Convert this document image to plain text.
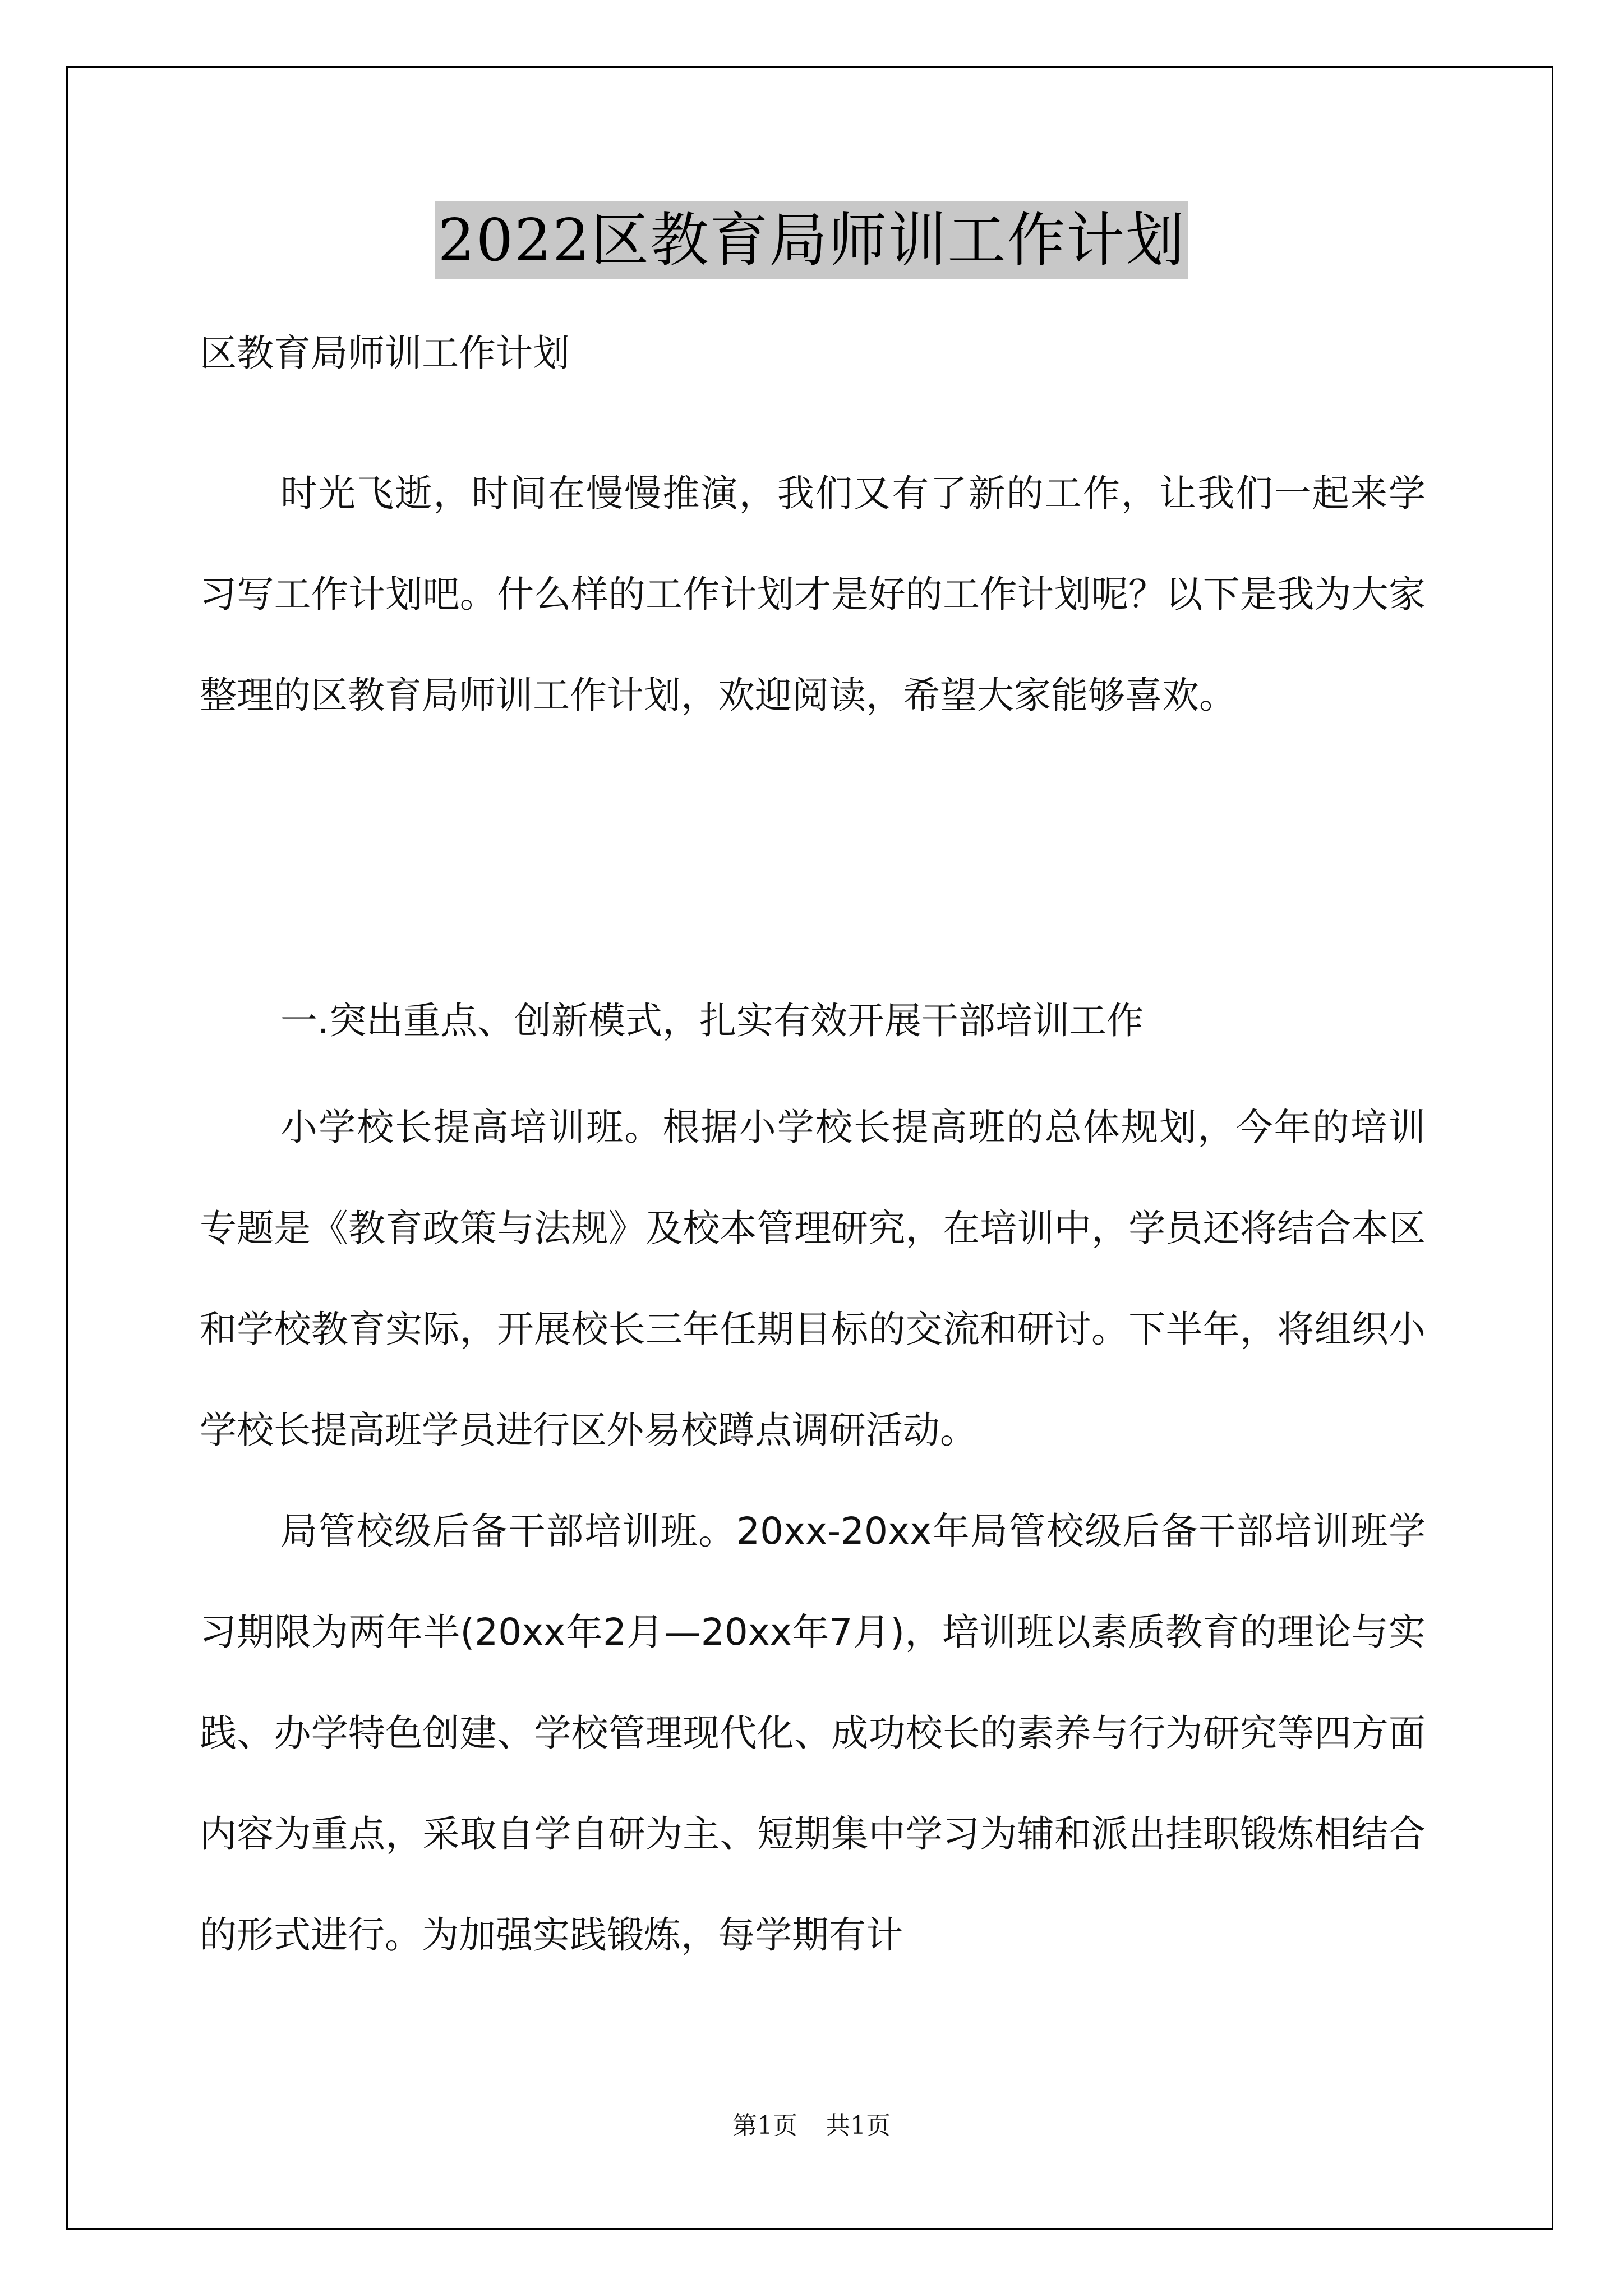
2022区教育局师训工作计划

区教育局师训工作计划

时光飞逝，时间在慢慢推演，我们又有了新的工作，让我们一起来学习写工作计划吧。什么样的工作计划才是好的工作计划呢？以下是我为大家整理的区教育局师训工作计划，欢迎阅读，希望大家能够喜欢。

一.突出重点、创新模式，扎实有效开展干部培训工作

小学校长提高培训班。根据小学校长提高班的总体规划，今年的培训专题是《教育政策与法规》及校本管理研究，在培训中，学员还将结合本区和学校教育实际，开展校长三年任期目标的交流和研讨。下半年，将组织小学校长提高班学员进行区外易校蹲点调研活动。

局管校级后备干部培训班。20xx-20xx年局管校级后备干部培训班学习期限为两年半(20xx年2月—20xx年7月)，培训班以素质教育的理论与实践、办学特色创建、学校管理现代化、成功校长的素养与行为研究等四方面内容为重点，采取自学自研为主、短期集中学习为辅和派出挂职锻炼相结合的形式进行。为加强实践锻炼，每学期有计

第1页 共1页
